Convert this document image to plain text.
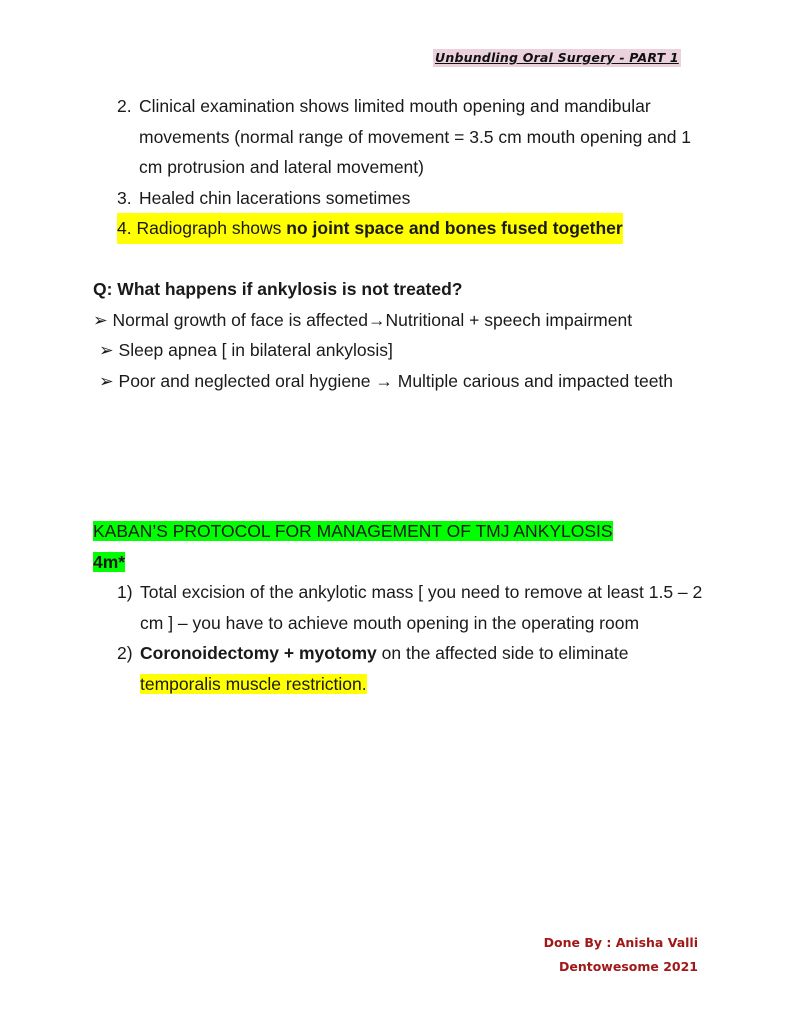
Unbundling Oral Surgery - PART 1
2. Clinical examination shows limited mouth opening and mandibular movements (normal range of movement = 3.5 cm mouth opening and 1 cm protrusion and lateral movement)
3. Healed chin lacerations sometimes
4. Radiograph shows no joint space and bones fused together
Q: What happens if ankylosis is not treated?
➢ Normal growth of face is affected→Nutritional + speech impairment
➢ Sleep apnea [ in bilateral ankylosis]
➢ Poor and neglected oral hygiene → Multiple carious and impacted teeth
KABAN’S PROTOCOL FOR MANAGEMENT OF TMJ ANKYLOSIS
4m*
1) Total excision of the ankylotic mass [ you need to remove at least 1.5 – 2 cm ] – you have to achieve mouth opening in the operating room
2) Coronoidectomy + myotomy on the affected side to eliminate temporalis muscle restriction.
Done By : Anisha Valli
Dentowesome 2021
